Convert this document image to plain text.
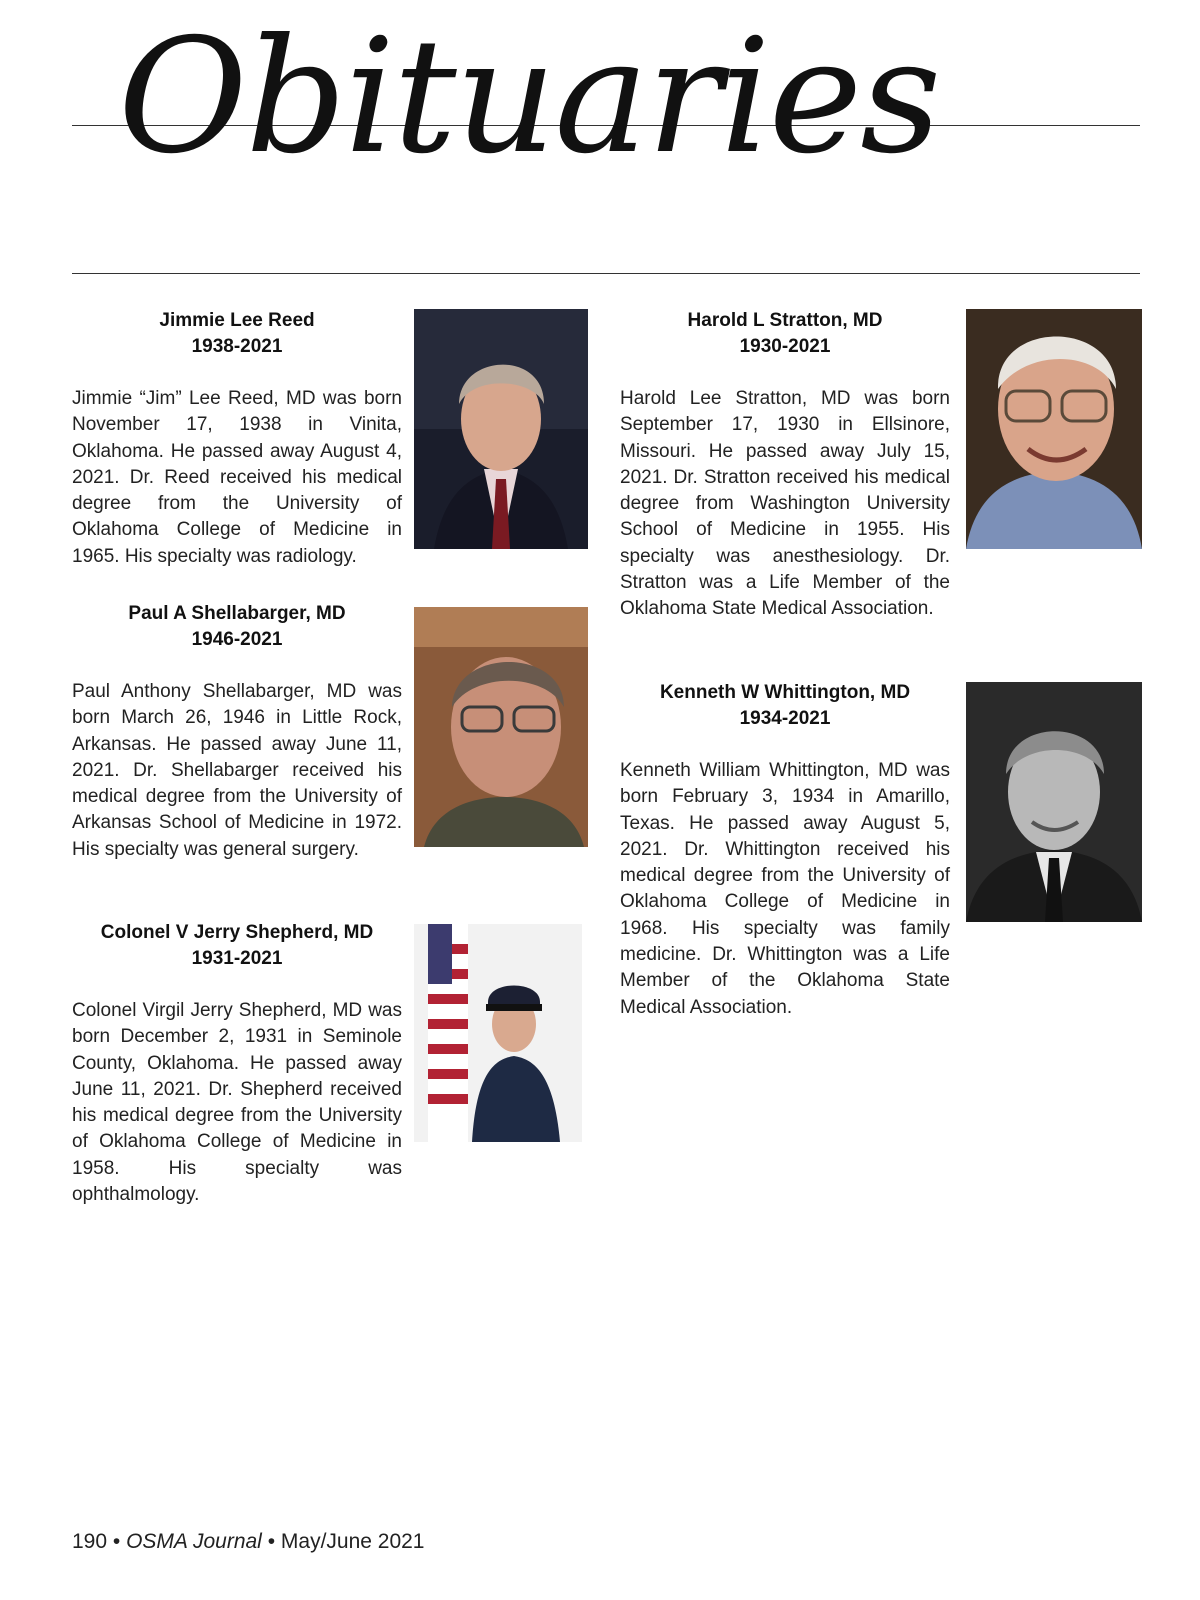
Obituaries
Jimmie Lee Reed
1938-2021

Jimmie “Jim” Lee Reed, MD was born November 17, 1938 in Vinita, Oklahoma. He passed away August 4, 2021. Dr. Reed received his medical degree from the University of Oklahoma College of Medicine in 1965. His specialty was radiology.

Paul A Shellabarger, MD
1946-2021

Paul Anthony Shellabarger, MD was born March 26, 1946 in Little Rock, Arkansas. He passed away June 11, 2021. Dr. Shellabarger received his medical degree from the University of Arkansas School of Medicine in 1972. His specialty was general surgery.

Colonel V Jerry Shepherd, MD
1931-2021

Colonel Virgil Jerry Shepherd, MD was born December 2, 1931 in Seminole County, Oklahoma. He passed away June 11, 2021. Dr. Shepherd received his medical degree from the University of Oklahoma College of Medicine in 1958. His specialty was ophthalmology.

Harold L Stratton, MD
1930-2021

Harold Lee Stratton, MD was born September 17, 1930 in Ellsinore, Missouri. He passed away July 15, 2021. Dr. Stratton received his medical degree from Washington University School of Medicine in 1955. His specialty was anesthesiology. Dr. Stratton was a Life Member of the Oklahoma State Medical Association.

Kenneth W Whittington, MD
1934-2021

Kenneth William Whittington, MD was born February 3, 1934 in Amarillo, Texas. He passed away August 5, 2021. Dr. Whittington received his medical degree from the University of Oklahoma College of Medicine in 1968. His specialty was family medicine. Dr. Whittington was a Life Member of the Oklahoma State Medical Association.

190 • OSMA Journal • May/June 2021
